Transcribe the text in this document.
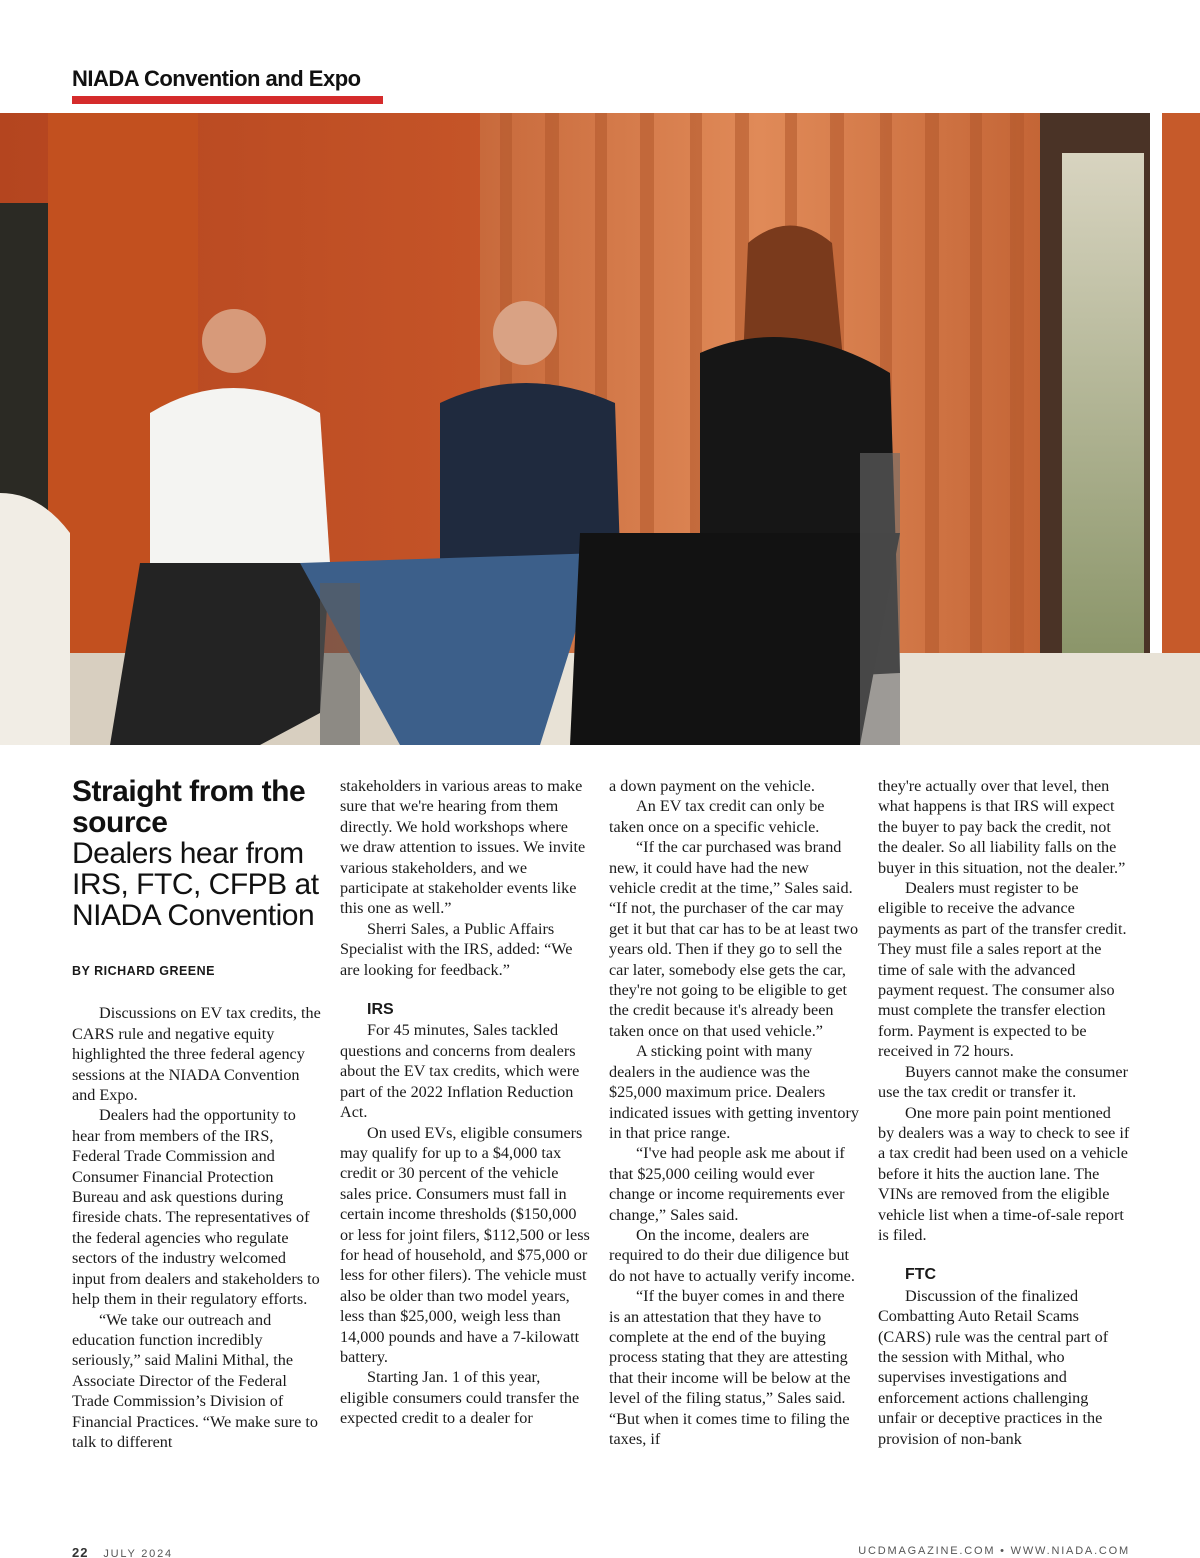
NIADA Convention and Expo
Straight from the source
Dealers hear from IRS, FTC, CFPB at NIADA Convention
BY RICHARD GREENE

Discussions on EV tax credits, the CARS rule and negative equity highlighted the three federal agency sessions at the NIADA Convention and Expo.

Dealers had the opportunity to hear from members of the IRS, Federal Trade Commission and Consumer Financial Protection Bureau and ask questions during fireside chats. The representatives of the federal agencies who regulate sectors of the industry welcomed input from dealers and stakeholders to help them in their regulatory efforts.

“We take our outreach and education function incredibly seriously,” said Malini Mithal, the Associate Director of the Federal Trade Commission’s Division of Financial Practices. “We make sure to talk to different

stakeholders in various areas to make sure that we're hearing from them directly. We hold workshops where we draw attention to issues. We invite various stakeholders, and we participate at stakeholder events like this one as well.”

Sherri Sales, a Public Affairs Specialist with the IRS, added: “We are looking for feedback.”

IRS

For 45 minutes, Sales tackled questions and concerns from dealers about the EV tax credits, which were part of the 2022 Inflation Reduction Act.

On used EVs, eligible consumers may qualify for up to a $4,000 tax credit or 30 percent of the vehicle sales price. Consumers must fall in certain income thresholds ($150,000 or less for joint filers, $112,500 or less for head of household, and $75,000 or less for other filers). The vehicle must also be older than two model years, less than $25,000, weigh less than 14,000 pounds and have a 7-kilowatt battery.

Starting Jan. 1 of this year, eligible consumers could transfer the expected credit to a dealer for

a down payment on the vehicle.

An EV tax credit can only be taken once on a specific vehicle.

“If the car purchased was brand new, it could have had the new vehicle credit at the time,” Sales said. “If not, the purchaser of the car may get it but that car has to be at least two years old. Then if they go to sell the car later, somebody else gets the car, they're not going to be eligible to get the credit because it's already been taken once on that used vehicle.”

A sticking point with many dealers in the audience was the $25,000 maximum price. Dealers indicated issues with getting inventory in that price range.

“I've had people ask me about if that $25,000 ceiling would ever change or income requirements ever change,” Sales said.

On the income, dealers are required to do their due diligence but do not have to actually verify income.

“If the buyer comes in and there is an attestation that they have to complete at the end of the buying process stating that they are attesting that their income will be below at the level of the filing status,” Sales said. “But when it comes time to filing the taxes, if

they're actually over that level, then what happens is that IRS will expect the buyer to pay back the credit, not the dealer. So all liability falls on the buyer in this situation, not the dealer.”

Dealers must register to be eligible to receive the advance payments as part of the transfer credit. They must file a sales report at the time of sale with the advanced payment request. The consumer also must complete the transfer election form. Payment is expected to be received in 72 hours.

Buyers cannot make the consumer use the tax credit or transfer it.

One more pain point mentioned by dealers was a way to check to see if a tax credit had been used on a vehicle before it hits the auction lane. The VINs are removed from the eligible vehicle list when a time-of-sale report is filed.

FTC

Discussion of the finalized Combatting Auto Retail Scams (CARS) rule was the central part of the session with Mithal, who supervises investigations and enforcement actions challenging unfair or deceptive practices in the provision of non-bank

22 JULY 2024	UCDMAGAZINE.COM • WWW.NIADA.COM
